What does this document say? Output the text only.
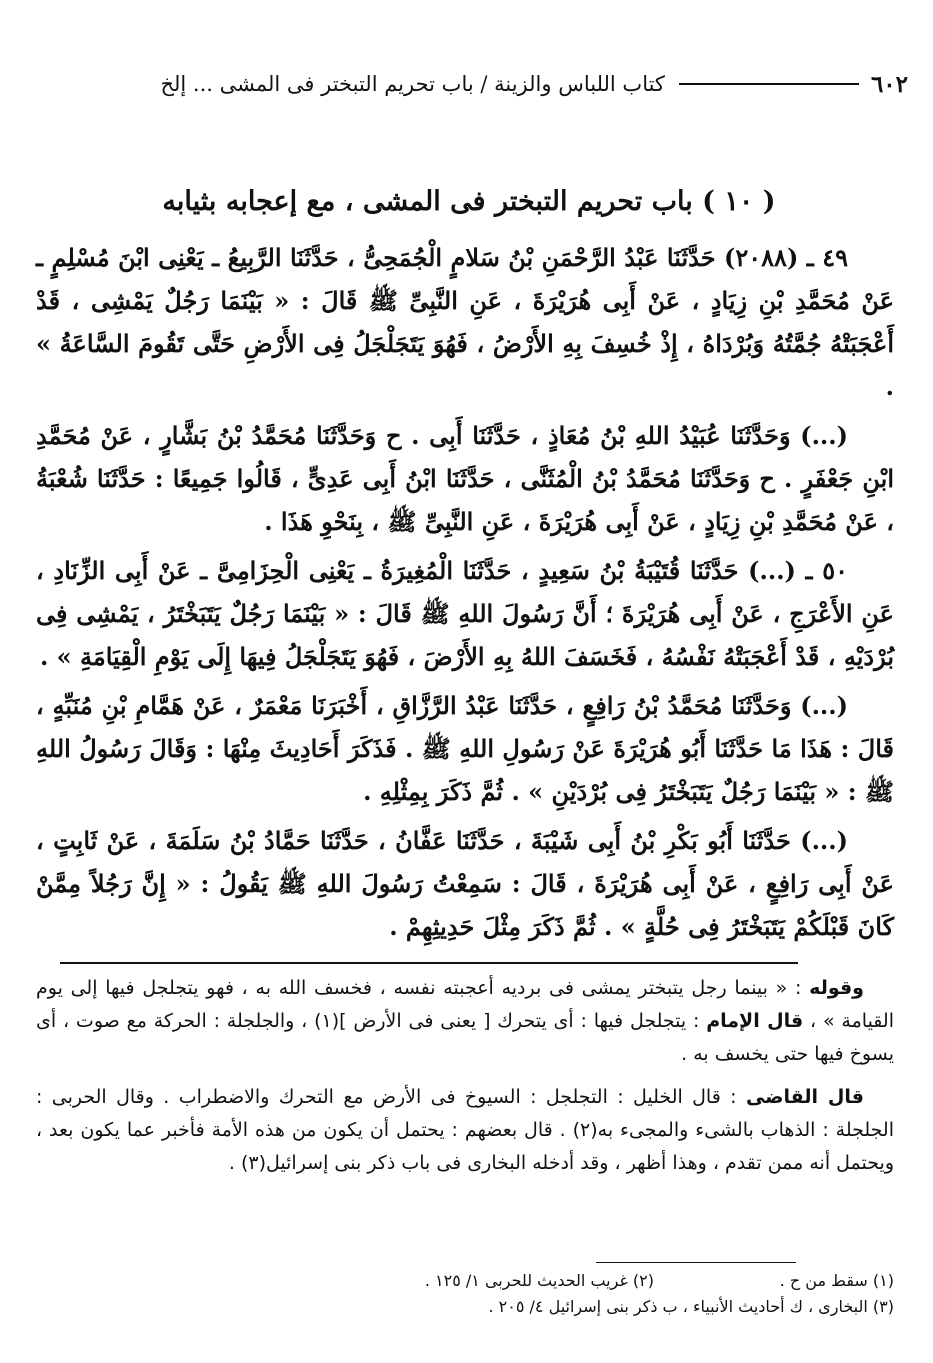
٦٠٢
كتاب اللباس والزينة / باب تحريم التبختر فى المشى ... إلخ
( ١٠ ) باب تحريم التبختر فى المشى ، مع إعجابه بثيابه

٤٩ ـ (٢٠٨٨) حَدَّثَنَا عَبْدُ الرَّحْمَنِ بْنُ سَلامٍ الْجُمَحِىُّ ، حَدَّثَنَا الرَّبِيعُ ـ يَعْنِى ابْنَ مُسْلِمٍ ـ عَنْ مُحَمَّدِ بْنِ زِيَادٍ ، عَنْ أَبِى هُرَيْرَةَ ، عَنِ النَّبِىِّ ﷺ قَالَ : « بَيْنَمَا رَجُلٌ يَمْشِى ، قَدْ أَعْجَبَتْهُ جُمَّتُهُ وَبُرْدَاهُ ، إِذْ خُسِفَ بِهِ الأَرْضُ ، فَهُوَ يَتَجَلْجَلُ فِى الأَرْضِ حَتَّى تَقُومَ السَّاعَةُ » .

(...) وَحَدَّثَنَا عُبَيْدُ اللهِ بْنُ مُعَاذٍ ، حَدَّثَنَا أَبِى . ح وَحَدَّثَنَا مُحَمَّدُ بْنُ بَشَّارٍ ، عَنْ مُحَمَّدِ ابْنِ جَعْفَرٍ . ح وَحَدَّثَنَا مُحَمَّدُ بْنُ الْمُثَنَّى ، حَدَّثَنَا ابْنُ أَبِى عَدِىٍّ ، قَالُوا جَمِيعًا : حَدَّثَنَا شُعْبَةُ ، عَنْ مُحَمَّدِ بْنِ زِيَادٍ ، عَنْ أَبِى هُرَيْرَةَ ، عَنِ النَّبِىِّ ﷺ ، بِنَحْوِ هَذَا .

٥٠ ـ (...) حَدَّثَنَا قُتَيْبَةُ بْنُ سَعِيدٍ ، حَدَّثَنَا الْمُغِيرَةُ ـ يَعْنِى الْحِزَامِىَّ ـ عَنْ أَبِى الزِّنَادِ ، عَنِ الأَعْرَجِ ، عَنْ أَبِى هُرَيْرَةَ ؛ أَنَّ رَسُولَ اللهِ ﷺ قَالَ : « بَيْنَمَا رَجُلٌ يَتَبَخْتَرُ ، يَمْشِى فِى بُرْدَيْهِ ، قَدْ أَعْجَبَتْهُ نَفْسُهُ ، فَخَسَفَ اللهُ بِهِ الأَرْضَ ، فَهُوَ يَتَجَلْجَلُ فِيهَا إِلَى يَوْمِ الْقِيَامَةِ » .

(...) وَحَدَّثَنَا مُحَمَّدُ بْنُ رَافِعٍ ، حَدَّثَنَا عَبْدُ الرَّزَّاقِ ، أَخْبَرَنَا مَعْمَرٌ ، عَنْ هَمَّامِ بْنِ مُنَبِّهٍ ، قَالَ : هَذَا مَا حَدَّثَنَا أَبُو هُرَيْرَةَ عَنْ رَسُولِ اللهِ ﷺ . فَذَكَرَ أَحَادِيثَ مِنْهَا : وَقَالَ رَسُولُ اللهِ ﷺ : « بَيْنَمَا رَجُلٌ يَتَبَخْتَرُ فِى بُرْدَيْنِ » . ثُمَّ ذَكَرَ بِمِثْلِهِ .

(...) حَدَّثَنَا أَبُو بَكْرِ بْنُ أَبِى شَيْبَةَ ، حَدَّثَنَا عَفَّانُ ، حَدَّثَنَا حَمَّادُ بْنُ سَلَمَةَ ، عَنْ ثَابِتٍ ، عَنْ أَبِى رَافِعٍ ، عَنْ أَبِى هُرَيْرَةَ ، قَالَ : سَمِعْتُ رَسُولَ اللهِ ﷺ يَقُولُ : « إِنَّ رَجُلاً مِمَّنْ كَانَ قَبْلَكُمْ يَتَبَخْتَرُ فِى حُلَّةٍ » . ثُمَّ ذَكَرَ مِثْلَ حَدِيثِهِمْ .

وقوله : « بينما رجل يتبختر يمشى فى برديه أعجبته نفسه ، فخسف الله به ، فهو يتجلجل فيها إلى يوم القيامة » ، قال الإمام : يتجلجل فيها : أى يتحرك [ يعنى فى الأرض ](١) ، والجلجلة : الحركة مع صوت ، أى يسوخ فيها حتى يخسف به .

قال القاضى : قال الخليل : التجلجل : السيوخ فى الأرض مع التحرك والاضطراب . وقال الحربى : الجلجلة : الذهاب بالشىء والمجىء به(٢) . قال بعضهم : يحتمل أن يكون من هذه الأمة فأخبر عما يكون بعد ، ويحتمل أنه ممن تقدم ، وهذا أظهر ، وقد أدخله البخارى فى باب ذكر بنى إسرائيل(٣) .

(١) سقط من ح .
(٢) غريب الحديث للحربى ١/ ١٢٥ .
(٣) البخارى ، ك أحاديث الأنبياء ، ب ذكر بنى إسرائيل ٤/ ٢٠٥ .
